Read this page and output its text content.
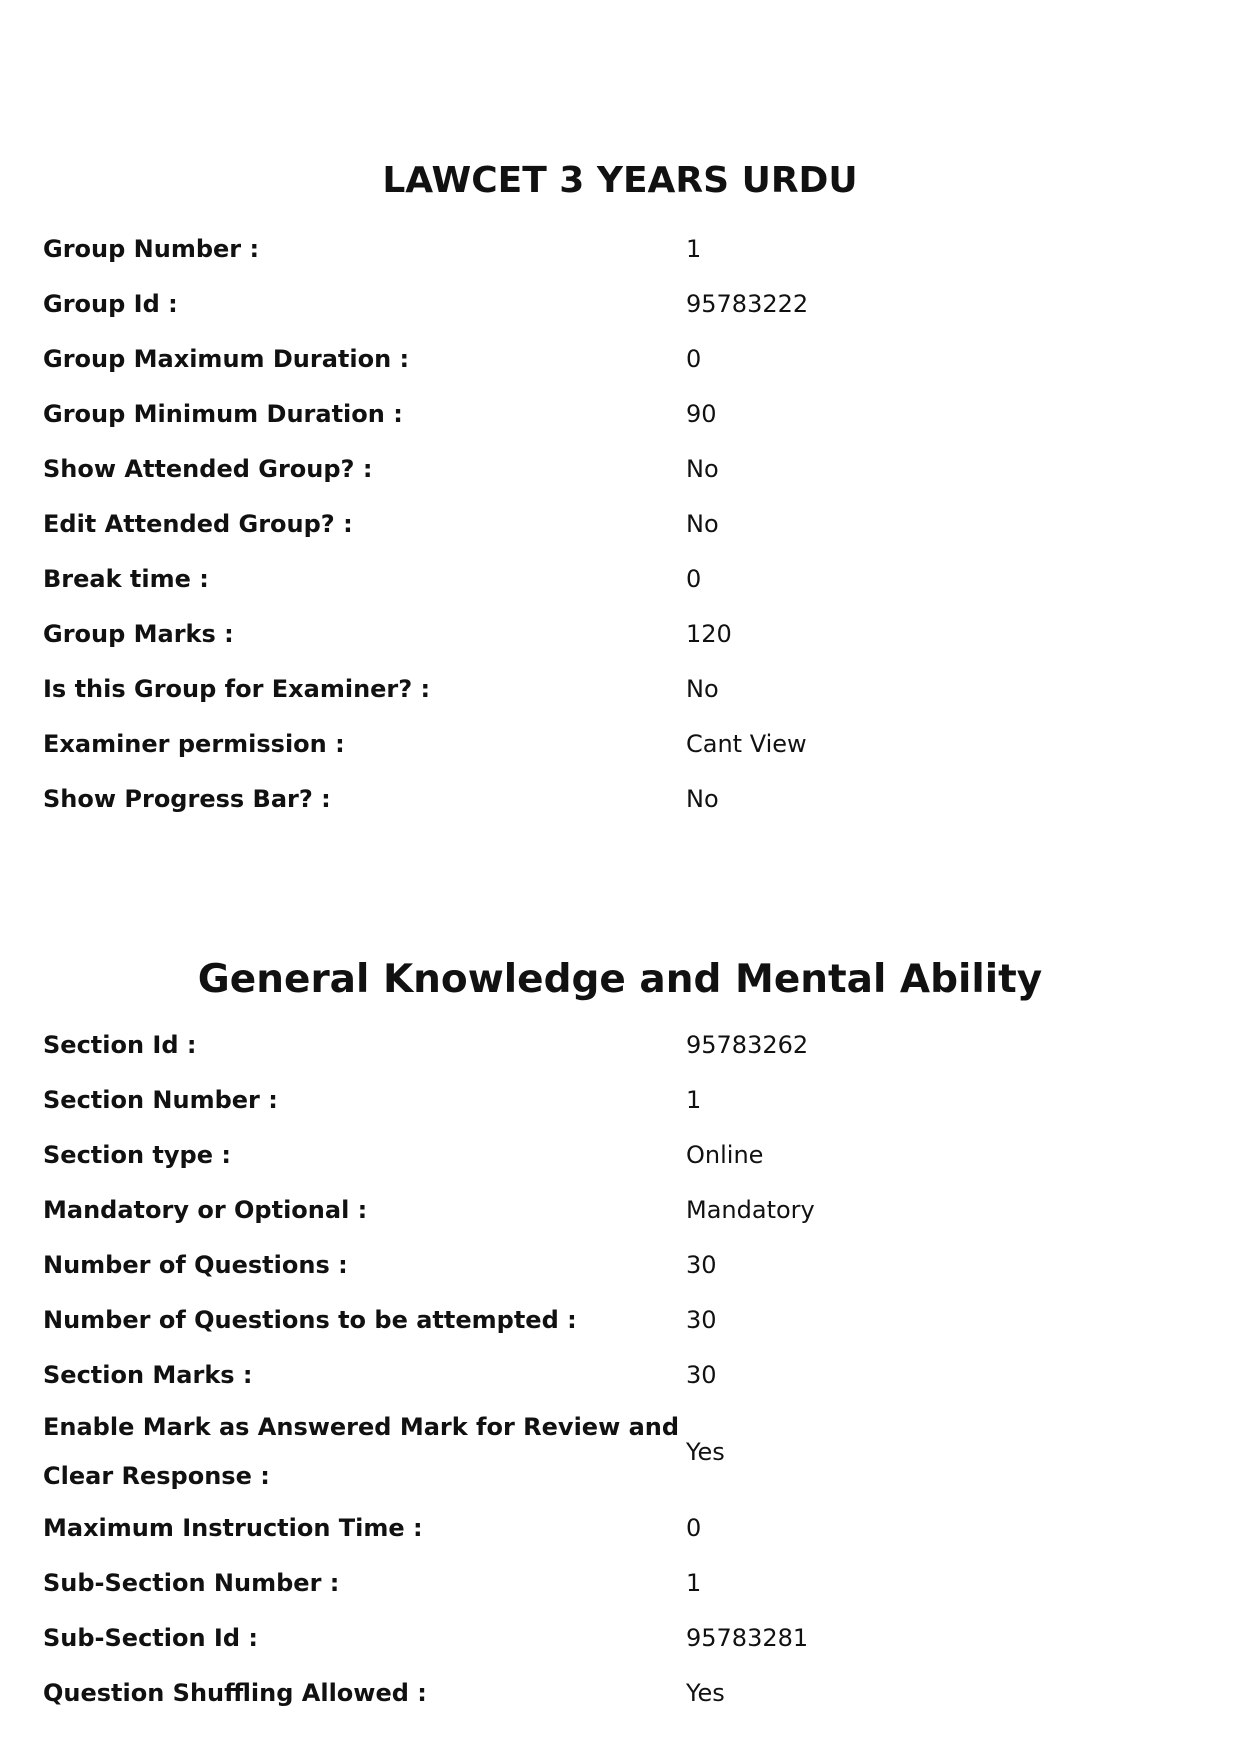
LAWCET 3 YEARS URDU
Group Number :	1
Group Id :	95783222
Group Maximum Duration :	0
Group Minimum Duration :	90
Show Attended Group? :	No
Edit Attended Group? :	No
Break time :	0
Group Marks :	120
Is this Group for Examiner? :	No
Examiner permission :	Cant View
Show Progress Bar? :	No
General Knowledge and Mental Ability
Section Id :	95783262
Section Number :	1
Section type :	Online
Mandatory or Optional :	Mandatory
Number of Questions :	30
Number of Questions to be attempted :	30
Section Marks :	30
Enable Mark as Answered Mark for Review and Clear Response :
Yes
Maximum Instruction Time :	0
Sub-Section Number :	1
Sub-Section Id :	95783281
Question Shuffling Allowed :	Yes
